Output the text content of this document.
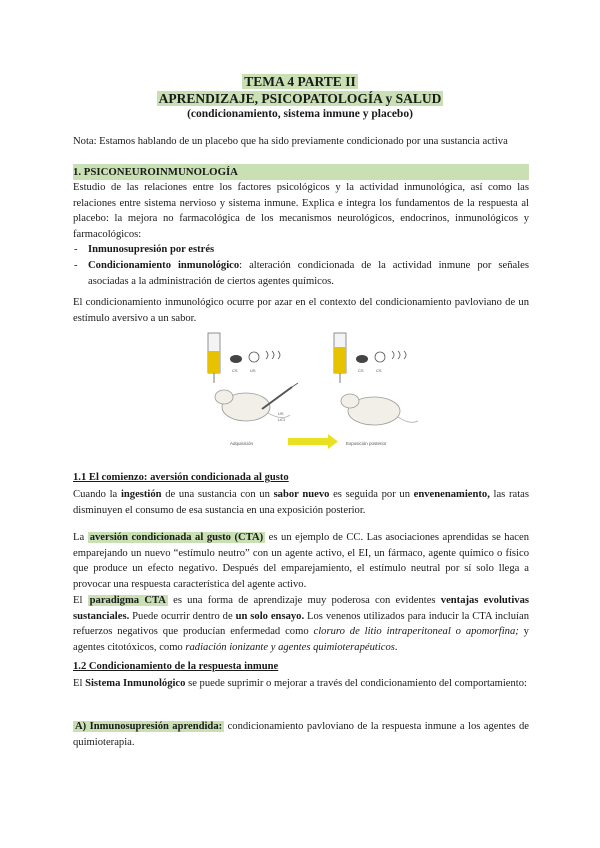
TEMA 4 PARTE II
APRENDIZAJE, PSICOPATOLOGÍA y SALUD
(condicionamiento, sistema inmune y placebo)

Nota: Estamos hablando de un placebo que ha sido previamente condicionado por una sustancia activa

1. PSICONEUROINMUNOLOGÍA

Estudio de las relaciones entre los factores psicológicos y la actividad inmunológica, así como las relaciones entre sistema nervioso y sistema inmune. Explica e integra los fundamentos de la respuesta al placebo: la mejora no farmacológica de los mecanismos neurológicos, endocrinos, inmunológicos y farmacológicos:

- Inmunosupresión por estrés
- Condicionamiento inmunológico: alteración condicionada de la actividad inmune por señales asociadas a la administración de ciertos agentes químicos.

El condicionamiento inmunológico ocurre por azar en el contexto del condicionamiento pavloviano de un estímulo aversivo a un sabor.

CS	US
US
LiCl
Adquisición	Exposición posterior
CS	CS
1.1 El comienzo: aversión condicionada al gusto

Cuando la ingestión de una sustancia con un sabor nuevo es seguida por un envenenamiento, las ratas disminuyen el consumo de esa sustancia en una exposición posterior.

La aversión condicionada al gusto (CTA) es un ejemplo de CC. Las asociaciones aprendidas se hacen emparejando un nuevo “estímulo neutro” con un agente activo, el EI, un fármaco, agente químico o físico que produce un efecto negativo. Después del emparejamiento, el estímulo neutral por sí solo llega a provocar una respuesta característica del agente activo.

El paradigma CTA es una forma de aprendizaje muy poderosa con evidentes ventajas evolutivas sustanciales. Puede ocurrir dentro de un solo ensayo. Los venenos utilizados para inducir la CTA incluían refuerzos negativos que producían enfermedad como cloruro de litio intraperitoneal o apomorfina; y agentes citotóxicos, como radiación ionizante y agentes quimioterapéuticos.

1.2 Condicionamiento de la respuesta inmune

El Sistema Inmunológico se puede suprimir o mejorar a través del condicionamiento del comportamiento:

A) Inmunosupresión aprendida: condicionamiento pavloviano de la respuesta inmune a los agentes de quimioterapia.
